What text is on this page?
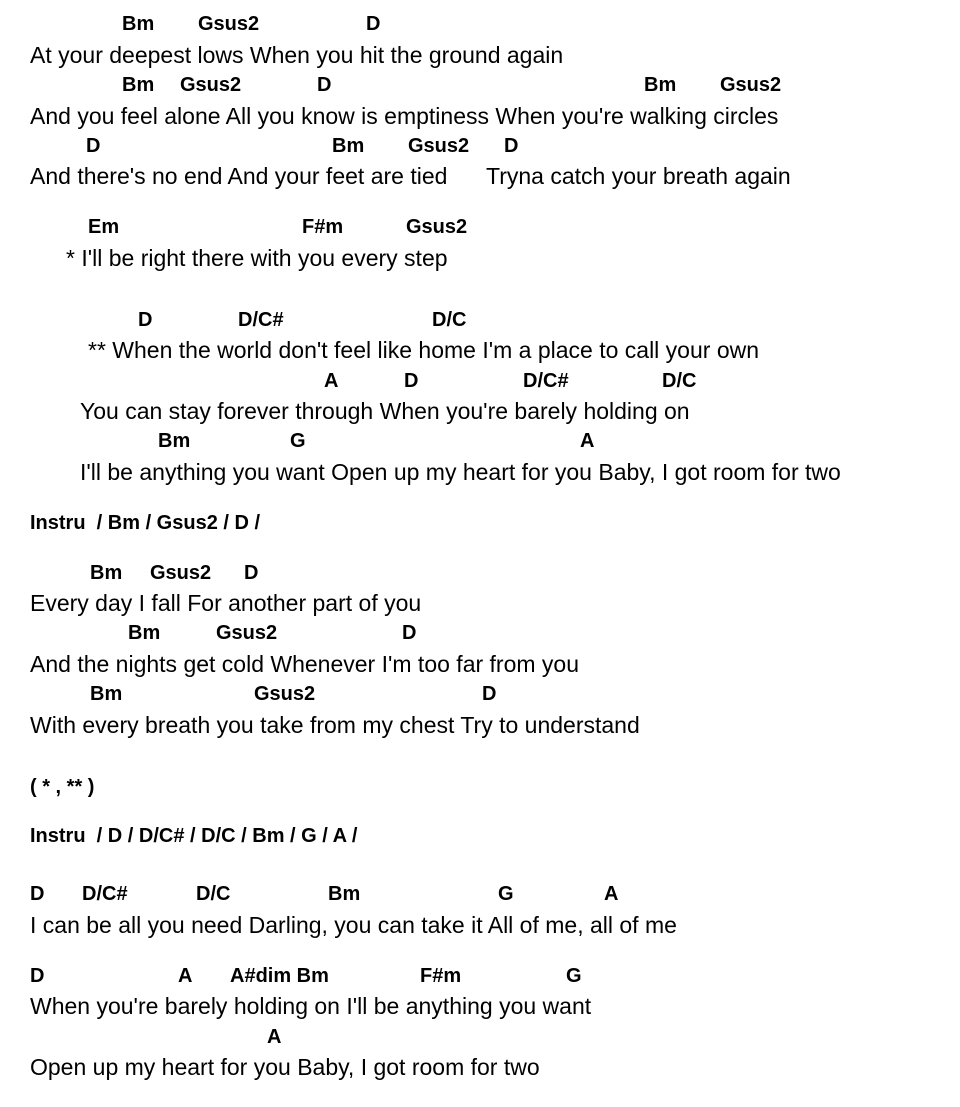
Bm Gsus2	D
At your deepest lows When you hit the ground again
Bm Gsus2	D	Bm Gsus2
And you feel alone All you know is emptiness When you're walking circles
D	Bm Gsus2 D
And there's no end And your feet are tied Tryna catch your breath again
Em	F#m	Gsus2
* I'll be right there with you every step
D	D/C#	D/C
** When the world don't feel like home I'm a place to call your own
A	D	D/C#	D/C
You can stay forever through When you're barely holding on
Bm	G	A
I'll be anything you want Open up my heart for you Baby, I got room for two
Instru  / Bm / Gsus2 / D /
Bm Gsus2 D
Every day I fall For another part of you
Bm	Gsus2	D
And the nights get cold Whenever I'm too far from you
Bm	Gsus2	D
With every breath you take from my chest Try to understand
( * , ** )
Instru  / D / D/C# / D/C / Bm / G / A /
D D/C#	D/C	Bm	G	A
I can be all you need Darling, you can take it All of me, all of me
D	A A#dim Bm	F#m	G
When you're barely holding on I'll be anything you want
A
Open up my heart for you Baby, I got room for two
